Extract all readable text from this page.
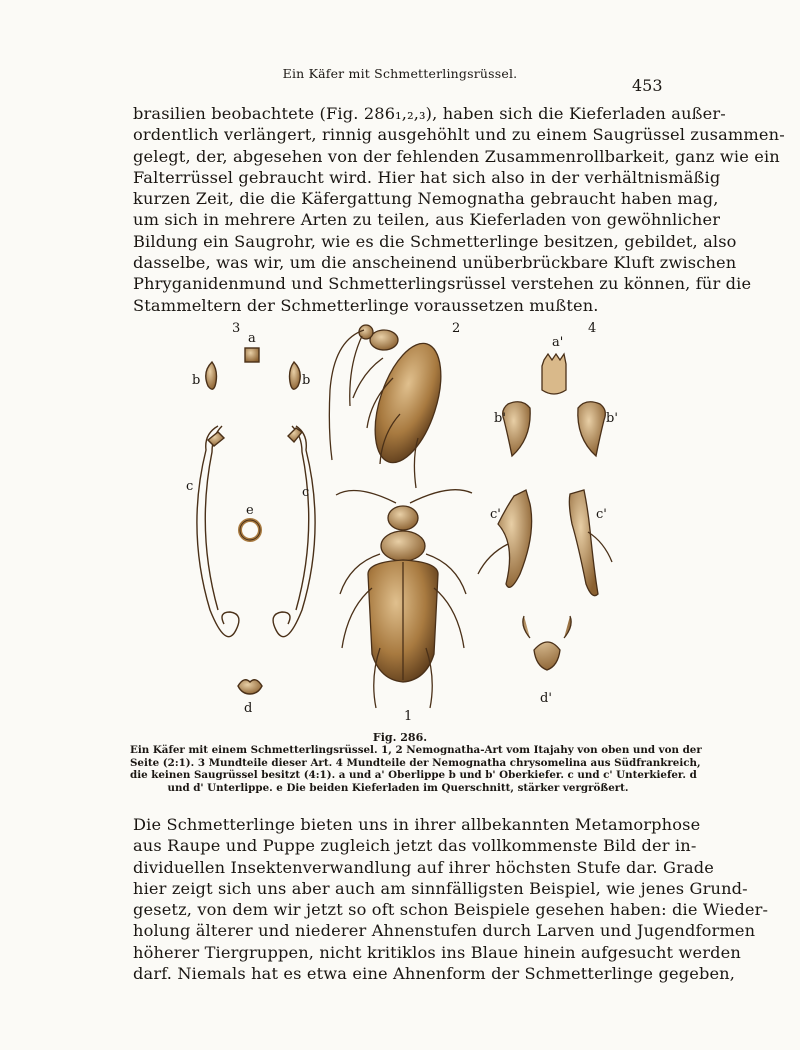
Ein Käfer mit Schmetterlingsrüssel.
453
brasilien beobachtete (Fig. 286₁,₂,₃), haben sich die Kieferladen außer-
ordentlich verlängert, rinnig ausgehöhlt und zu einem Saugrüssel zusammen-
gelegt, der, abgesehen von der fehlenden Zusammenrollbarkeit, ganz wie ein
Falterrüssel gebraucht wird. Hier hat sich also in der verhältnismäßig
kurzen Zeit, die die Käfergattung Nemognatha gebraucht haben mag,
um sich in mehrere Arten zu teilen, aus Kieferladen von gewöhnlicher
Bildung ein Saugrohr, wie es die Schmetterlinge besitzen, gebildet, also
dasselbe, was wir, um die anscheinend unüberbrückbare Kluft zwischen
Phryganidenmund und Schmetterlingsrüssel verstehen zu können, für die
Stammeltern der Schmetterlinge voraussetzen mußten.
3
a
b	b
c	c
e
d
2
1
4
a'
b'	b'
c'	c'
d'
Fig. 286.
Ein Käfer mit einem Schmetterlingsrüssel. 1, 2 Nemognatha-Art vom Itajahy von oben und von der
Seite (2:1). 3 Mundteile dieser Art. 4 Mundteile der Nemognatha chrysomelina aus Südfrankreich,
die keinen Saugrüssel besitzt (4:1). a und a' Oberlippe b und b' Oberkiefer. c und c' Unterkiefer. d
und d' Unterlippe. e Die beiden Kieferladen im Querschnitt, stärker vergrößert.
Die Schmetterlinge bieten uns in ihrer allbekannten Metamorphose
aus Raupe und Puppe zugleich jetzt das vollkommenste Bild der in-
dividuellen Insektenverwandlung auf ihrer höchsten Stufe dar. Grade
hier zeigt sich uns aber auch am sinnfälligsten Beispiel, wie jenes Grund-
gesetz, von dem wir jetzt so oft schon Beispiele gesehen haben: die Wieder-
holung älterer und niederer Ahnenstufen durch Larven und Jugendformen
höherer Tiergruppen, nicht kritiklos ins Blaue hinein aufgesucht werden
darf. Niemals hat es etwa eine Ahnenform der Schmetterlinge gegeben,
